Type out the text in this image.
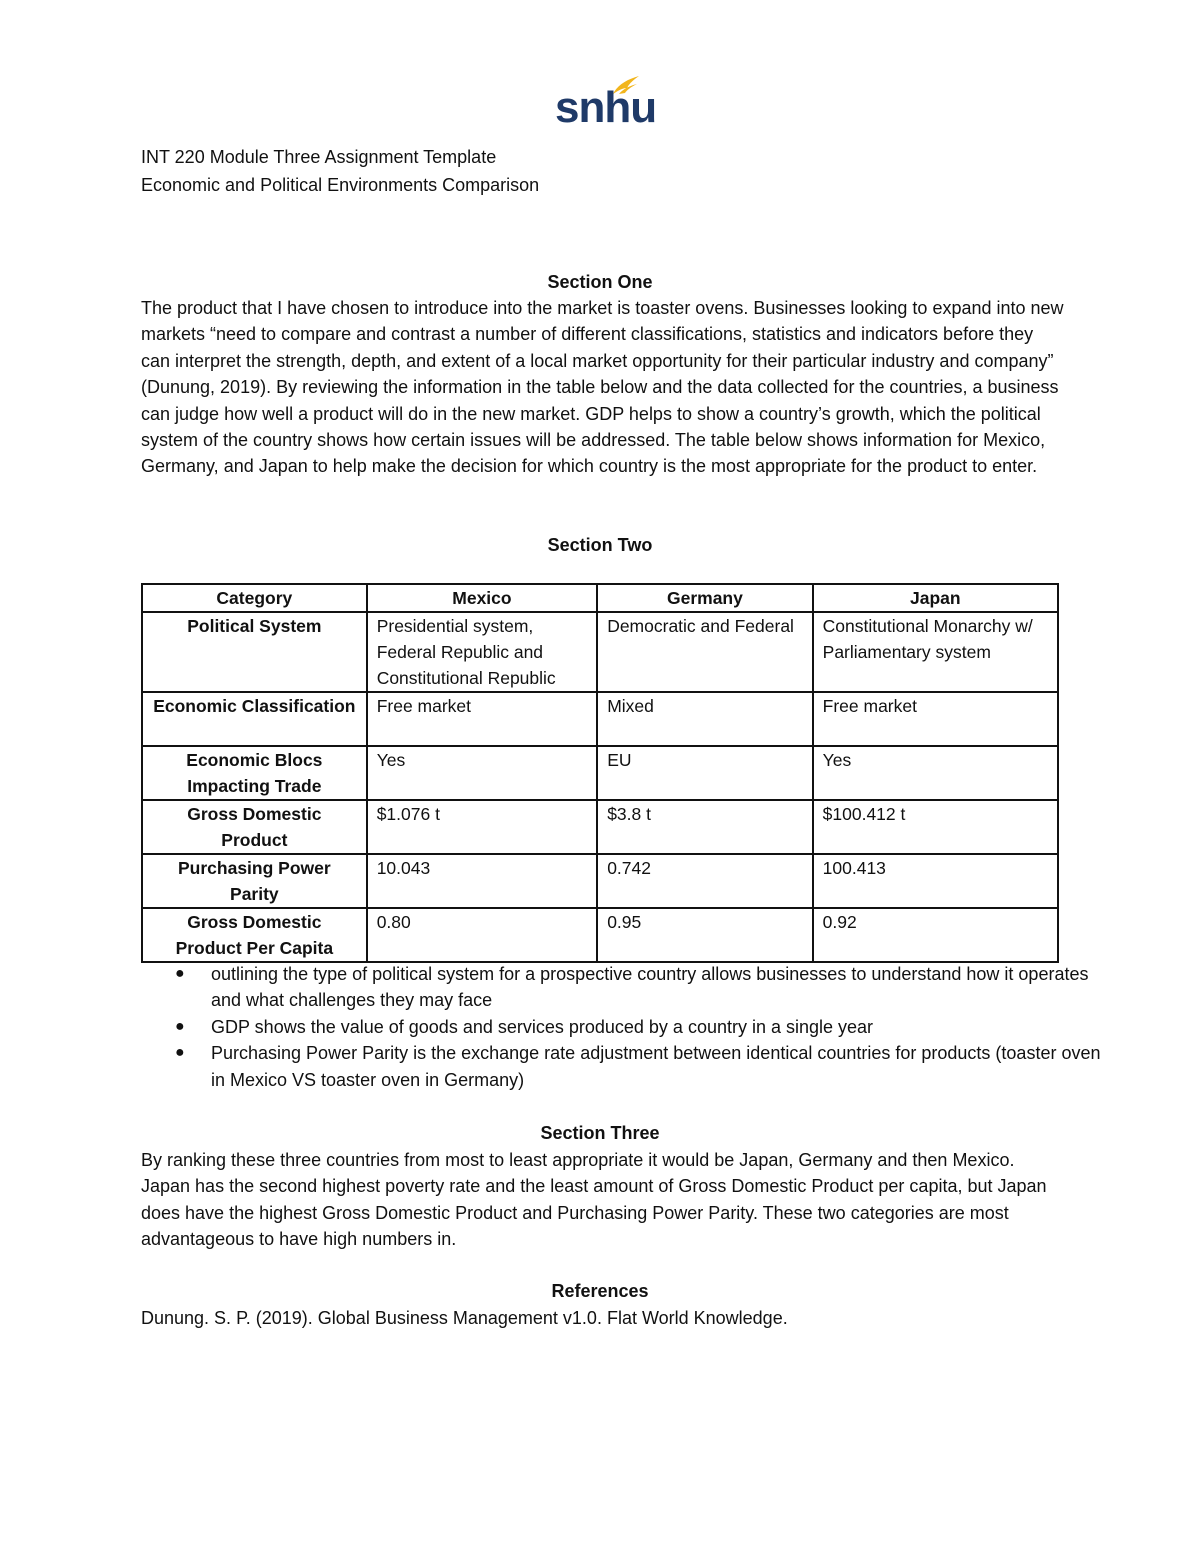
snhu
INT 220 Module Three Assignment Template
Economic and Political Environments Comparison
Section One
The product that I have chosen to introduce into the market is toaster ovens. Businesses looking to expand into new markets “need to compare and contrast a number of different classifications, statistics and indicators before they can interpret the strength, depth, and extent of a local market opportunity for their particular industry and company” (Dunung, 2019). By reviewing the information in the table below and the data collected for the countries, a business can judge how well a product will do in the new market. GDP helps to show a country’s growth, which the political system of the country shows how certain issues will be addressed. The table below shows information for Mexico, Germany, and Japan to help make the decision for which country is the most appropriate for the product to enter.
Section Two
Category	Mexico	Germany	Japan
Political System	Presidential system, Federal Republic and Constitutional Republic	Democratic and Federal	Constitutional Monarchy w/ Parliamentary system
Economic Classification	Free market	Mixed	Free market
Economic Blocs Impacting Trade	Yes	EU	Yes
Gross Domestic Product	$1.076 t	$3.8 t	$100.412 t
Purchasing Power Parity	10.043	0.742	100.413
Gross Domestic Product Per Capita	0.80	0.95	0.92
● outlining the type of political system for a prospective country allows businesses to understand how it operates and what challenges they may face
● GDP shows the value of goods and services produced by a country in a single year
● Purchasing Power Parity is the exchange rate adjustment between identical countries for products (toaster oven in Mexico VS toaster oven in Germany)
Section Three
By ranking these three countries from most to least appropriate it would be Japan, Germany and then Mexico. Japan has the second highest poverty rate and the least amount of Gross Domestic Product per capita, but Japan does have the highest Gross Domestic Product and Purchasing Power Parity. These two categories are most advantageous to have high numbers in.
References
Dunung. S. P. (2019). Global Business Management v1.0. Flat World Knowledge.
